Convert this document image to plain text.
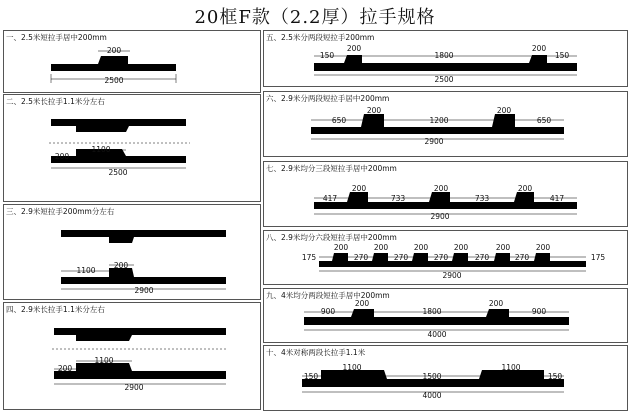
20框F款（2.2厚）拉手规格
一、2.5米短拉手居中200mm
200
2500
二、2.5米长拉手1.1米分左右
1100
200
2500
三、2.9米短拉手200mm分左右
200
1100
2900
四、2.9米长拉手1.1米分左右
1100
200
2900
五、2.5米分两段短拉手200mm
150
200
1800
200
150
2500
六、2.9米分两段短拉手居中200mm
650
200
1200
200
650
2900
七、2.9米均分三段短拉手居中200mm
417
200
733
200
733
200
417
2900
八、2.9米均分六段短拉手居中200mm
175
200
270
200
270
200
270
200
270
200
270
200
175
2900
九、4米均分两段短拉手居中200mm
900
200
1800
200
900
4000
十、4米对称两段长拉手1.1米
150
1100
1500
1100
150
4000
